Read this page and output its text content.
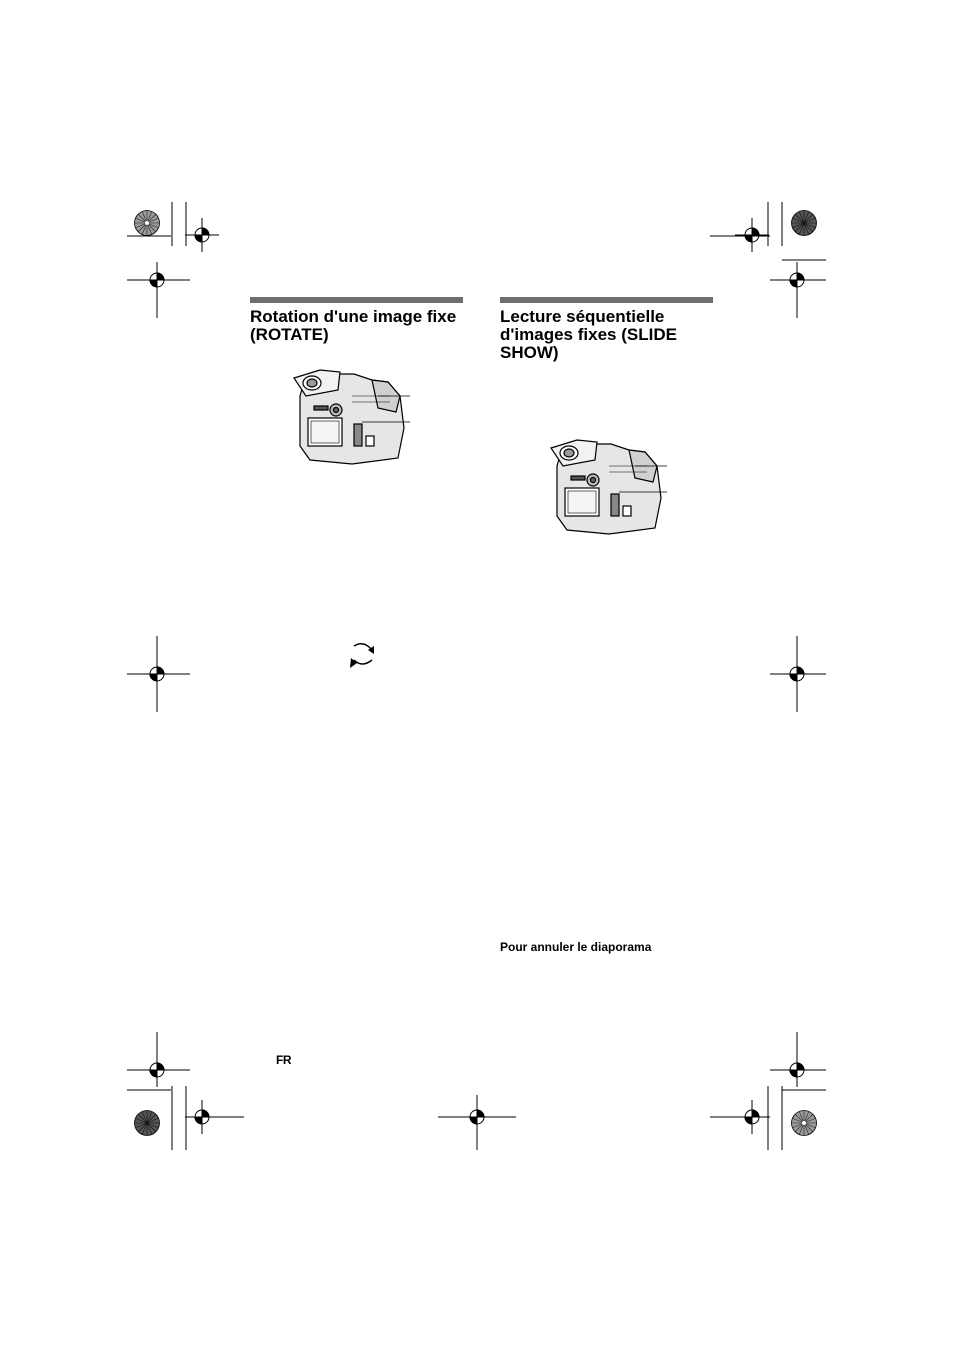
Rotation d'une image fixe (ROTATE)
Lecture séquentielle d'images fixes (SLIDE SHOW)
Pour annuler le diaporama
FR
